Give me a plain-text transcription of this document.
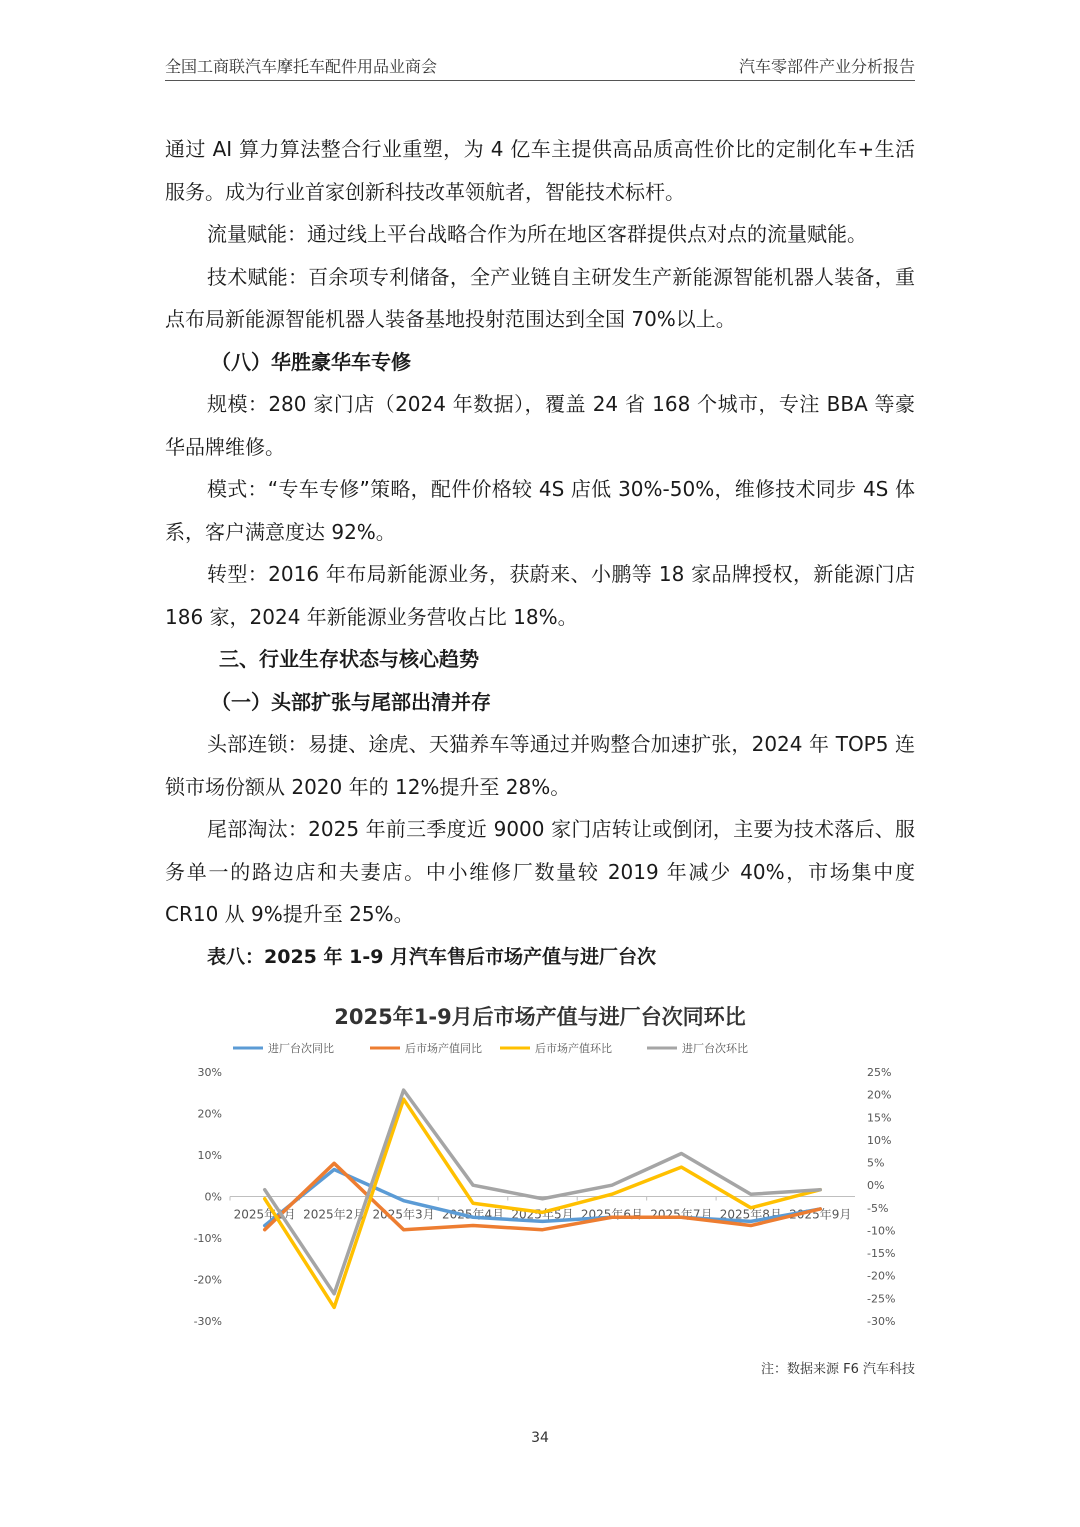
全国工商联汽车摩托车配件用品业商会	汽车零部件产业分析报告

通过 AI 算力算法整合行业重塑，为 4 亿车主提供高品质高性价比的定制化车+生活服务。成为行业首家创新科技改革领航者，智能技术标杆。

流量赋能：通过线上平台战略合作为所在地区客群提供点对点的流量赋能。

技术赋能：百余项专利储备，全产业链自主研发生产新能源智能机器人装备，重点布局新能源智能机器人装备基地投射范围达到全国 70%以上。

（八）华胜豪华车专修

规模：280 家门店（2024 年数据），覆盖 24 省 168 个城市，专注 BBA 等豪华品牌维修。

模式：“专车专修”策略，配件价格较 4S 店低 30%-50%，维修技术同步 4S 体系，客户满意度达 92%。

转型：2016 年布局新能源业务，获蔚来、小鹏等 18 家品牌授权，新能源门店 186 家，2024 年新能源业务营收占比 18%。

三、行业生存状态与核心趋势

（一）头部扩张与尾部出清并存

头部连锁：易捷、途虎、天猫养车等通过并购整合加速扩张，2024 年 TOP5 连锁市场份额从 2020 年的 12%提升至 28%。

尾部淘汰：2025 年前三季度近 9000 家门店转让或倒闭，主要为技术落后、服务单一的路边店和夫妻店。中小维修厂数量较 2019 年减少 40%，市场集中度 CR10 从 9%提升至 25%。

表八：2025 年 1-9 月汽车售后市场产值与进厂台次

2025年1-9月后市场产值与进厂台次同环比
进厂台次同比	后市场产值同比	后市场产值环比	进厂台次环比
30%
20%
10%
0%
-10%
-20%
-30%
25%
20%
15%
10%
5%
0%
-5%
-10%
-15%
-20%
-25%
-30%
2025年1月 2025年2月 2025年3月 2025年4月 2025年5月 2025年6月 2025年7月 2025年8月 2025年9月
注：数据来源 F6 汽车科技
34
